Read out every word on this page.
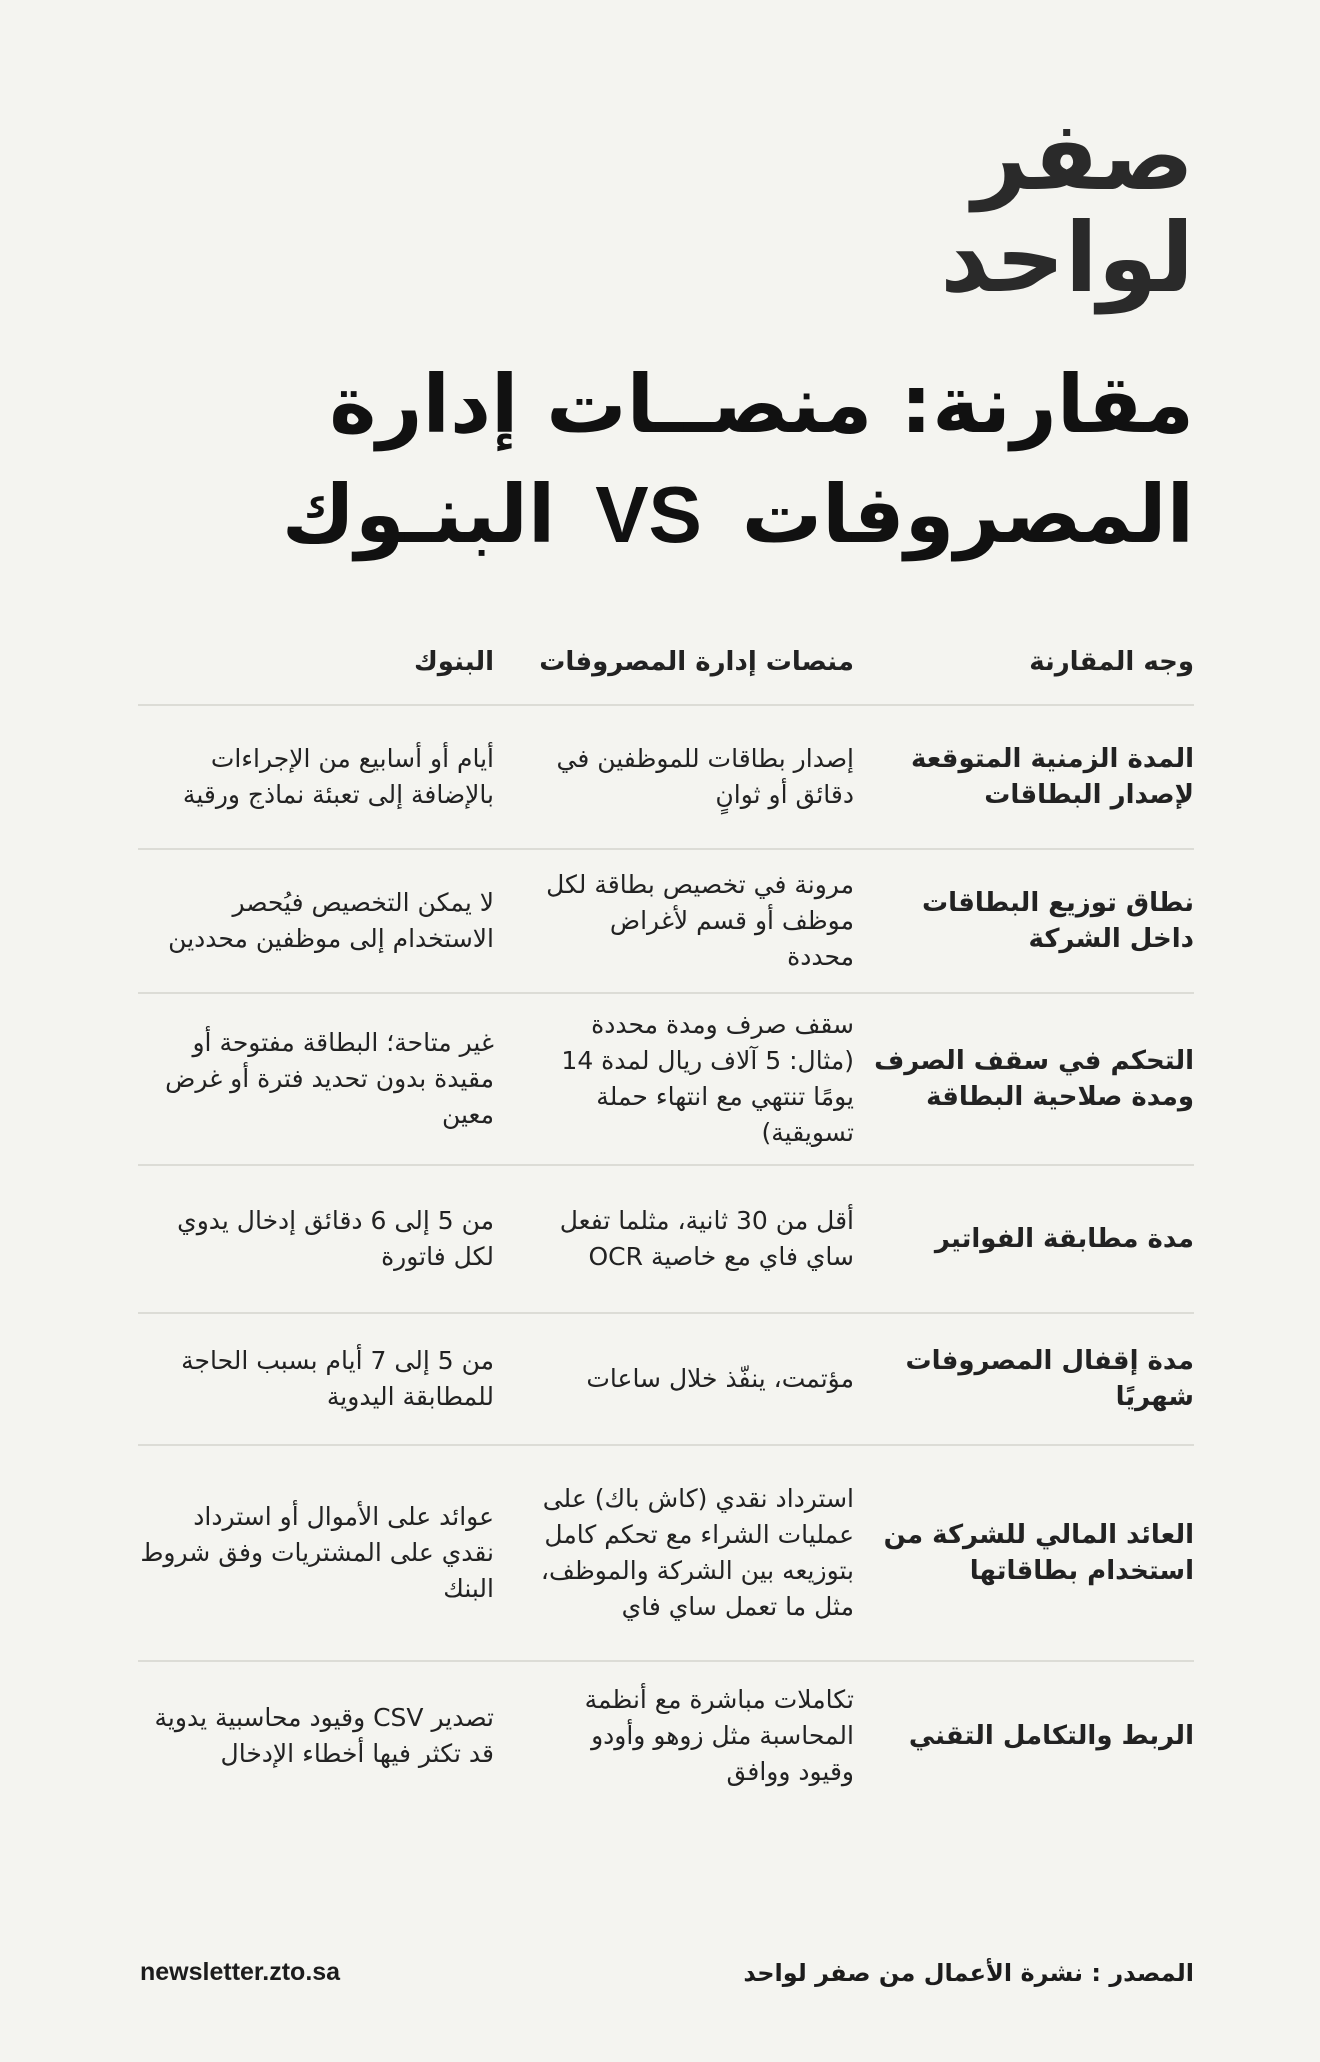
صفر
لواحد
مقارنة: منصــات إدارة
المصروفات VS البنـوك
وجه المقارنة
منصات إدارة المصروفات
البنوك
المدة الزمنية المتوقعة لإصدار البطاقات
إصدار بطاقات للموظفين في دقائق أو ثوانٍ
أيام أو أسابيع من الإجراءات بالإضافة إلى تعبئة نماذج ورقية
نطاق توزيع البطاقات داخل الشركة
مرونة في تخصيص بطاقة لكل موظف أو قسم لأغراض محددة
لا يمكن التخصيص فيُحصر الاستخدام إلى موظفين محددين
التحكم في سقف الصرف ومدة صلاحية البطاقة
سقف صرف ومدة محددة (مثال: 5 آلاف ريال لمدة 14 يومًا تنتهي مع انتهاء حملة تسويقية)
غير متاحة؛ البطاقة مفتوحة أو مقيدة بدون تحديد فترة أو غرض معين
مدة مطابقة الفواتير
أقل من 30 ثانية، مثلما تفعل ساي فاي مع خاصية OCR
من 5 إلى 6 دقائق إدخال يدوي لكل فاتورة
مدة إقفال المصروفات شهريًا
مؤتمت، ينفّذ خلال ساعات
من 5 إلى 7 أيام بسبب الحاجة للمطابقة اليدوية
العائد المالي للشركة من استخدام بطاقاتها
استرداد نقدي (كاش باك) على عمليات الشراء مع تحكم كامل بتوزيعه بين الشركة والموظف، مثل ما تعمل ساي فاي
عوائد على الأموال أو استرداد نقدي على المشتريات وفق شروط البنك
الربط والتكامل التقني
تكاملات مباشرة مع أنظمة المحاسبة مثل زوهو وأودو وقيود ووافق
تصدير CSV وقيود محاسبية يدوية قد تكثر فيها أخطاء الإدخال
المصدر : نشرة الأعمال من صفر لواحد
newsletter.zto.sa
